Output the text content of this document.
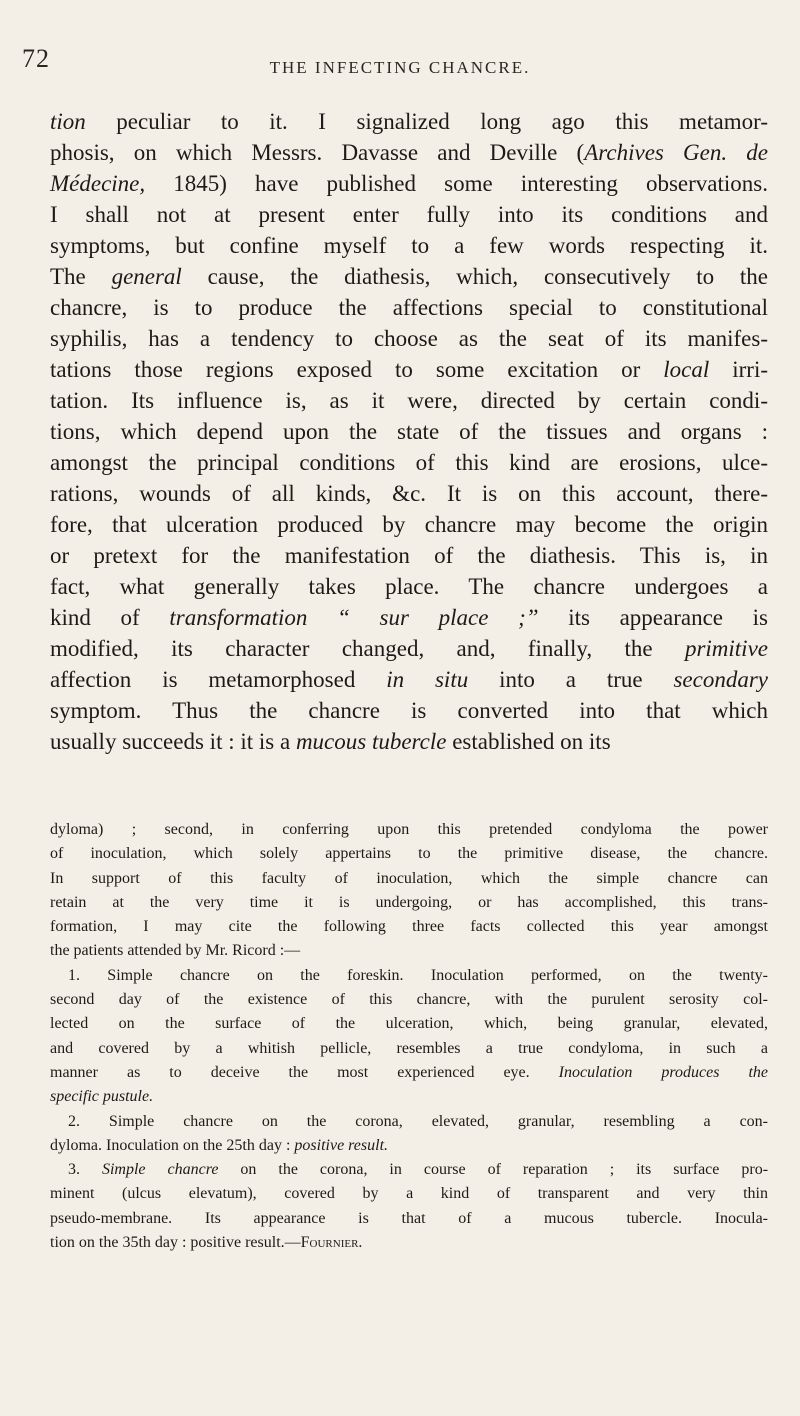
72	THE INFECTING CHANCRE.
tion peculiar to it. I signalized long ago this metamor-
phosis, on which Messrs. Davasse and Deville (Archives Gen. de
Médecine, 1845) have published some interesting observations.
I shall not at present enter fully into its conditions and
symptoms, but confine myself to a few words respecting it.
The general cause, the diathesis, which, consecutively to the
chancre, is to produce the affections special to constitutional
syphilis, has a tendency to choose as the seat of its manifes-
tations those regions exposed to some excitation or local irri-
tation. Its influence is, as it were, directed by certain condi-
tions, which depend upon the state of the tissues and organs :
amongst the principal conditions of this kind are erosions, ulce-
rations, wounds of all kinds, &c. It is on this account, there-
fore, that ulceration produced by chancre may become the origin
or pretext for the manifestation of the diathesis. This is, in
fact, what generally takes place. The chancre undergoes a
kind of transformation “ sur place ;” its appearance is
modified, its character changed, and, finally, the primitive
affection is metamorphosed in situ into a true secondary
symptom. Thus the chancre is converted into that which
usually succeeds it : it is a mucous tubercle established on its
dyloma) ; second, in conferring upon this pretended condyloma the power
of inoculation, which solely appertains to the primitive disease, the chancre.
In support of this faculty of inoculation, which the simple chancre can
retain at the very time it is undergoing, or has accomplished, this trans-
formation, I may cite the following three facts collected this year amongst
the patients attended by Mr. Ricord :—
1. Simple chancre on the foreskin. Inoculation performed, on the twenty-
second day of the existence of this chancre, with the purulent serosity col-
lected on the surface of the ulceration, which, being granular, elevated,
and covered by a whitish pellicle, resembles a true condyloma, in such a
manner as to deceive the most experienced eye. Inoculation produces the
specific pustule.
2. Simple chancre on the corona, elevated, granular, resembling a con-
dyloma. Inoculation on the 25th day : positive result.
3. Simple chancre on the corona, in course of reparation ; its surface pro-
minent (ulcus elevatum), covered by a kind of transparent and very thin
pseudo-membrane. Its appearance is that of a mucous tubercle. Inocula-
tion on the 35th day : positive result.—Fournier.
